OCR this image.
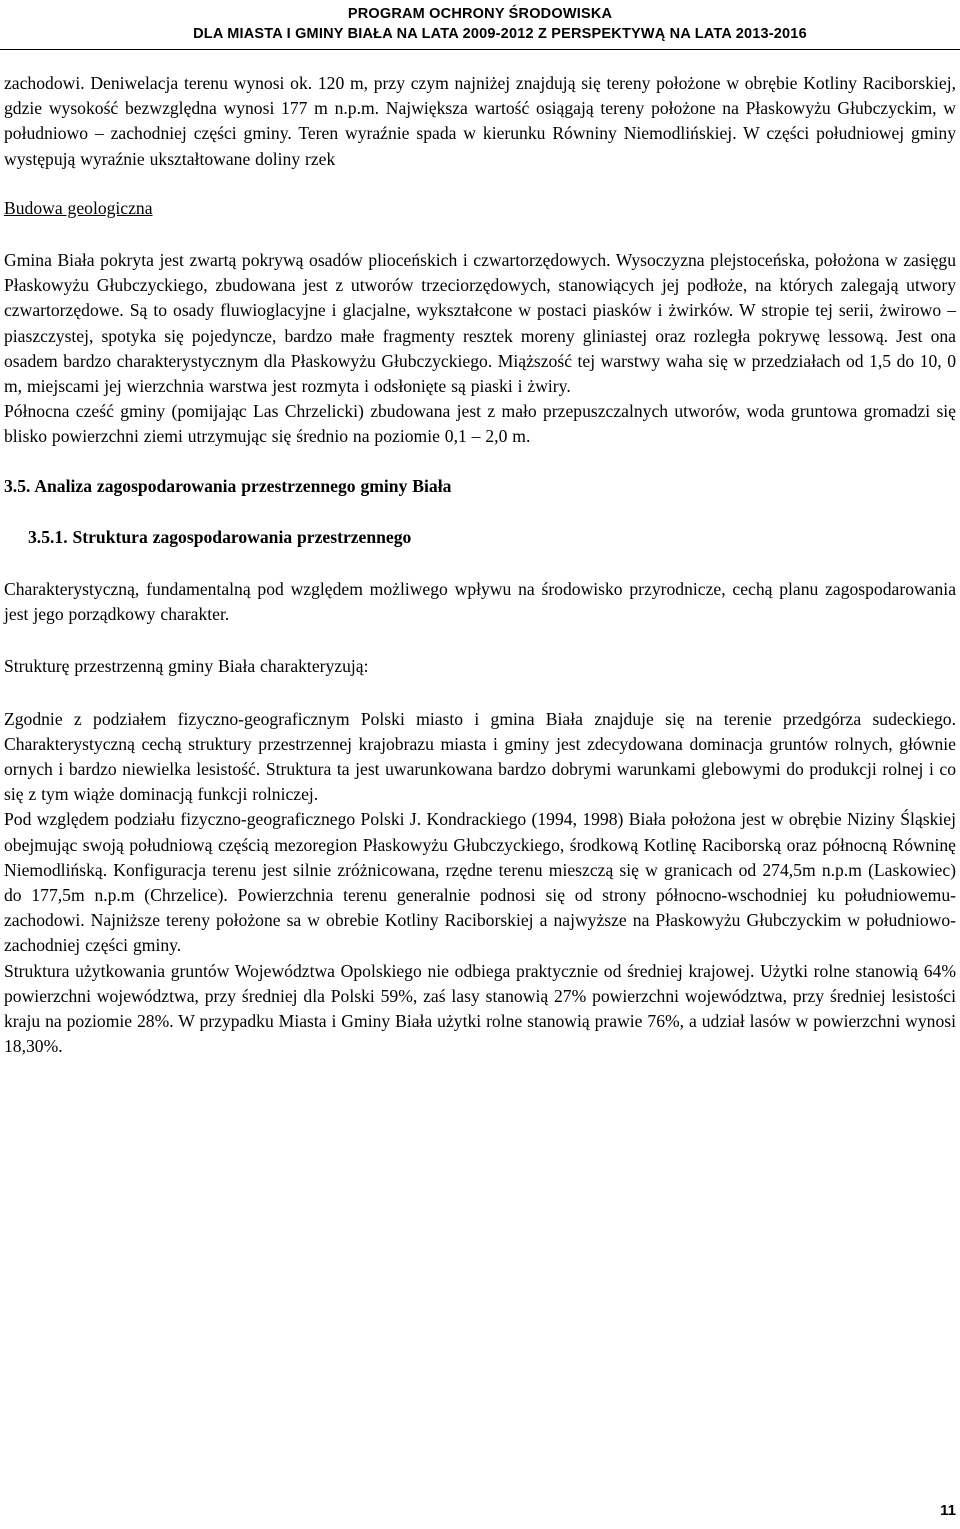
PROGRAM OCHRONY ŚRODOWISKA
DLA MIASTA I GMINY BIAŁA NA LATA 2009-2012 Z PERSPEKTYWĄ NA LATA 2013-2016

zachodowi. Deniwelacja terenu wynosi ok. 120 m, przy czym najniżej znajdują się tereny położone w obrębie Kotliny Raciborskiej, gdzie wysokość bezwzględna wynosi 177 m n.p.m. Największa wartość osiągają tereny położone na Płaskowyżu Głubczyckim, w południowo – zachodniej części gminy. Teren wyraźnie spada w kierunku Równiny Niemodlińskiej. W części południowej gminy występują wyraźnie ukształtowane doliny rzek

Budowa geologiczna

Gmina Biała pokryta jest zwartą pokrywą osadów plioceńskich i czwartorzędowych. Wysoczyzna plejstoceńska, położona w zasięgu Płaskowyżu Głubczyckiego, zbudowana jest z utworów trzeciorzędowych, stanowiących jej podłoże, na których zalegają utwory czwartorzędowe. Są to osady fluwioglacyjne i glacjalne, wykształcone w postaci piasków i żwirków. W stropie tej serii, żwirowo – piaszczystej, spotyka się pojedyncze, bardzo małe fragmenty resztek moreny gliniastej oraz rozległa pokrywę lessową. Jest ona osadem bardzo charakterystycznym dla Płaskowyżu Głubczyckiego. Miąższość tej warstwy waha się w przedziałach od 1,5 do 10, 0 m, miejscami jej wierzchnia warstwa jest rozmyta i odsłonięte są piaski i żwiry.

Północna cześć gminy (pomijając Las Chrzelicki) zbudowana jest z mało przepuszczalnych utworów, woda gruntowa gromadzi się blisko powierzchni ziemi utrzymując się średnio na poziomie 0,1 – 2,0 m.

3.5. Analiza zagospodarowania przestrzennego gminy Biała

3.5.1. Struktura zagospodarowania przestrzennego

Charakterystyczną, fundamentalną pod względem możliwego wpływu na środowisko przyrodnicze, cechą planu zagospodarowania jest jego porządkowy charakter.

Strukturę przestrzenną gminy Biała charakteryzują:

Zgodnie z podziałem fizyczno-geograficznym Polski miasto i gmina Biała znajduje się na terenie przedgórza sudeckiego. Charakterystyczną cechą struktury przestrzennej krajobrazu miasta i gminy jest zdecydowana dominacja gruntów rolnych, głównie ornych i bardzo niewielka lesistość. Struktura ta jest uwarunkowana bardzo dobrymi warunkami glebowymi do produkcji rolnej i co się z tym wiąże dominacją funkcji rolniczej.

Pod względem podziału fizyczno-geograficznego Polski J. Kondrackiego (1994, 1998) Biała położona jest w obrębie Niziny Śląskiej obejmując swoją południową częścią mezoregion Płaskowyżu Głubczyckiego, środkową Kotlinę Raciborską oraz północną Równinę Niemodlińską. Konfiguracja terenu jest silnie zróżnicowana, rzędne terenu mieszczą się w granicach od 274,5m n.p.m (Laskowiec) do 177,5m n.p.m (Chrzelice). Powierzchnia terenu generalnie podnosi się od strony północno-wschodniej ku południowemu- zachodowi. Najniższe tereny położone sa w obrebie Kotliny Raciborskiej a najwyższe na Płaskowyżu Głubczyckim w południowo-zachodniej części gminy.

Struktura użytkowania gruntów Województwa Opolskiego nie odbiega praktycznie od średniej krajowej. Użytki rolne stanowią 64% powierzchni województwa, przy średniej dla Polski 59%, zaś lasy stanowią 27% powierzchni województwa, przy średniej lesistości kraju na poziomie 28%. W przypadku Miasta i Gminy Biała użytki rolne stanowią prawie 76%, a udział lasów w powierzchni wynosi 18,30%.

11
